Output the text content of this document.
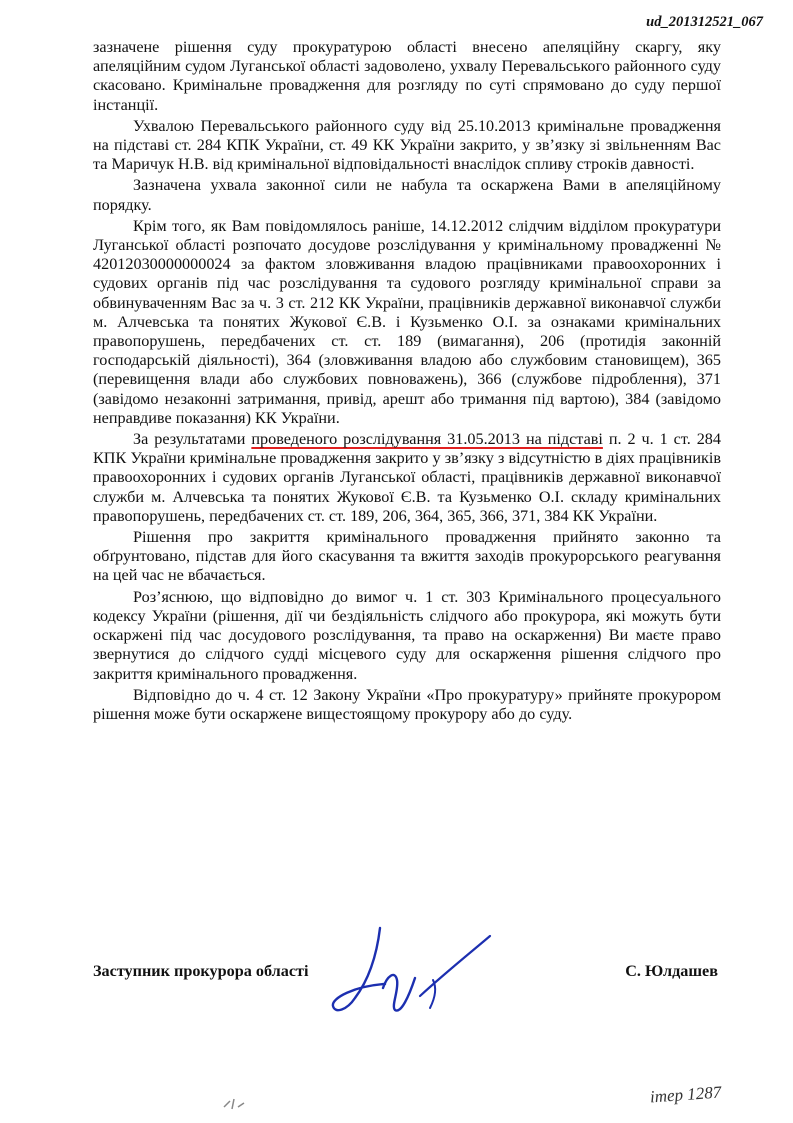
ud_201312521_067

зазначене рішення суду прокуратурою області внесено апеляційну скаргу, яку апеляційним судом Луганської області задоволено, ухвалу Перевальського районного суду скасовано. Кримінальне провадження для розгляду по суті спрямовано до суду першої інстанції.

Ухвалою Перевальського районного суду від 25.10.2013 кримінальне провадження на підставі ст. 284 КПК України, ст. 49 КК України закрито, у зв’язку зі звільненням Вас та Маричук Н.В. від кримінальної відповідальності внаслідок спливу строків давності.

Зазначена ухвала законної сили не набула та оскаржена Вами в апеляційному порядку.

Крім того, як Вам повідомлялось раніше, 14.12.2012 слідчим відділом прокуратури Луганської області розпочато досудове розслідування у кримінальному провадженні № 42012030000000024 за фактом зловживання владою працівниками правоохоронних і судових органів під час розслідування та судового розгляду кримінальної справи за обвинуваченням Вас за ч. 3 ст. 212 КК України, працівників державної виконавчої служби м. Алчевська та понятих Жукової Є.В. і Кузьменко О.І. за ознаками кримінальних правопорушень, передбачених ст. ст. 189 (вимагання), 206 (протидія законній господарській діяльності), 364 (зловживання владою або службовим становищем), 365 (перевищення влади або службових повноважень), 366 (службове підроблення), 371 (завідомо незаконні затримання, привід, арешт або тримання під вартою), 384 (завідомо неправдиве показання) КК України.

За результатами проведеного розслідування 31.05.2013 на підставі п. 2 ч. 1 ст. 284 КПК України кримінальне провадження закрито у зв’язку з відсутністю в діях працівників правоохоронних і судових органів Луганської області, працівників державної виконавчої служби м. Алчевська та понятих Жукової Є.В. та Кузьменко О.І. складу кримінальних правопорушень, передбачених ст. ст. 189, 206, 364, 365, 366, 371, 384 КК України.

Рішення про закриття кримінального провадження прийнято законно та обґрунтовано, підстав для його скасування та вжиття заходів прокурорського реагування на цей час не вбачається.

Роз’яснюю, що відповідно до вимог ч. 1 ст. 303 Кримінального процесуального кодексу України (рішення, дії чи бездіяльність слідчого або прокурора, які можуть бути оскаржені під час досудового розслідування, та право на оскарження) Ви маєте право звернутися до слідчого судді місцевого суду для оскарження рішення слідчого про закриття кримінального провадження.

Відповідно до ч. 4 ст. 12 Закону України «Про прокуратуру» прийняте прокурором рішення може бути оскаржене вищестоящому прокурору або до суду.

Заступник прокурора області	С. Юлдашев
ітер 1287
